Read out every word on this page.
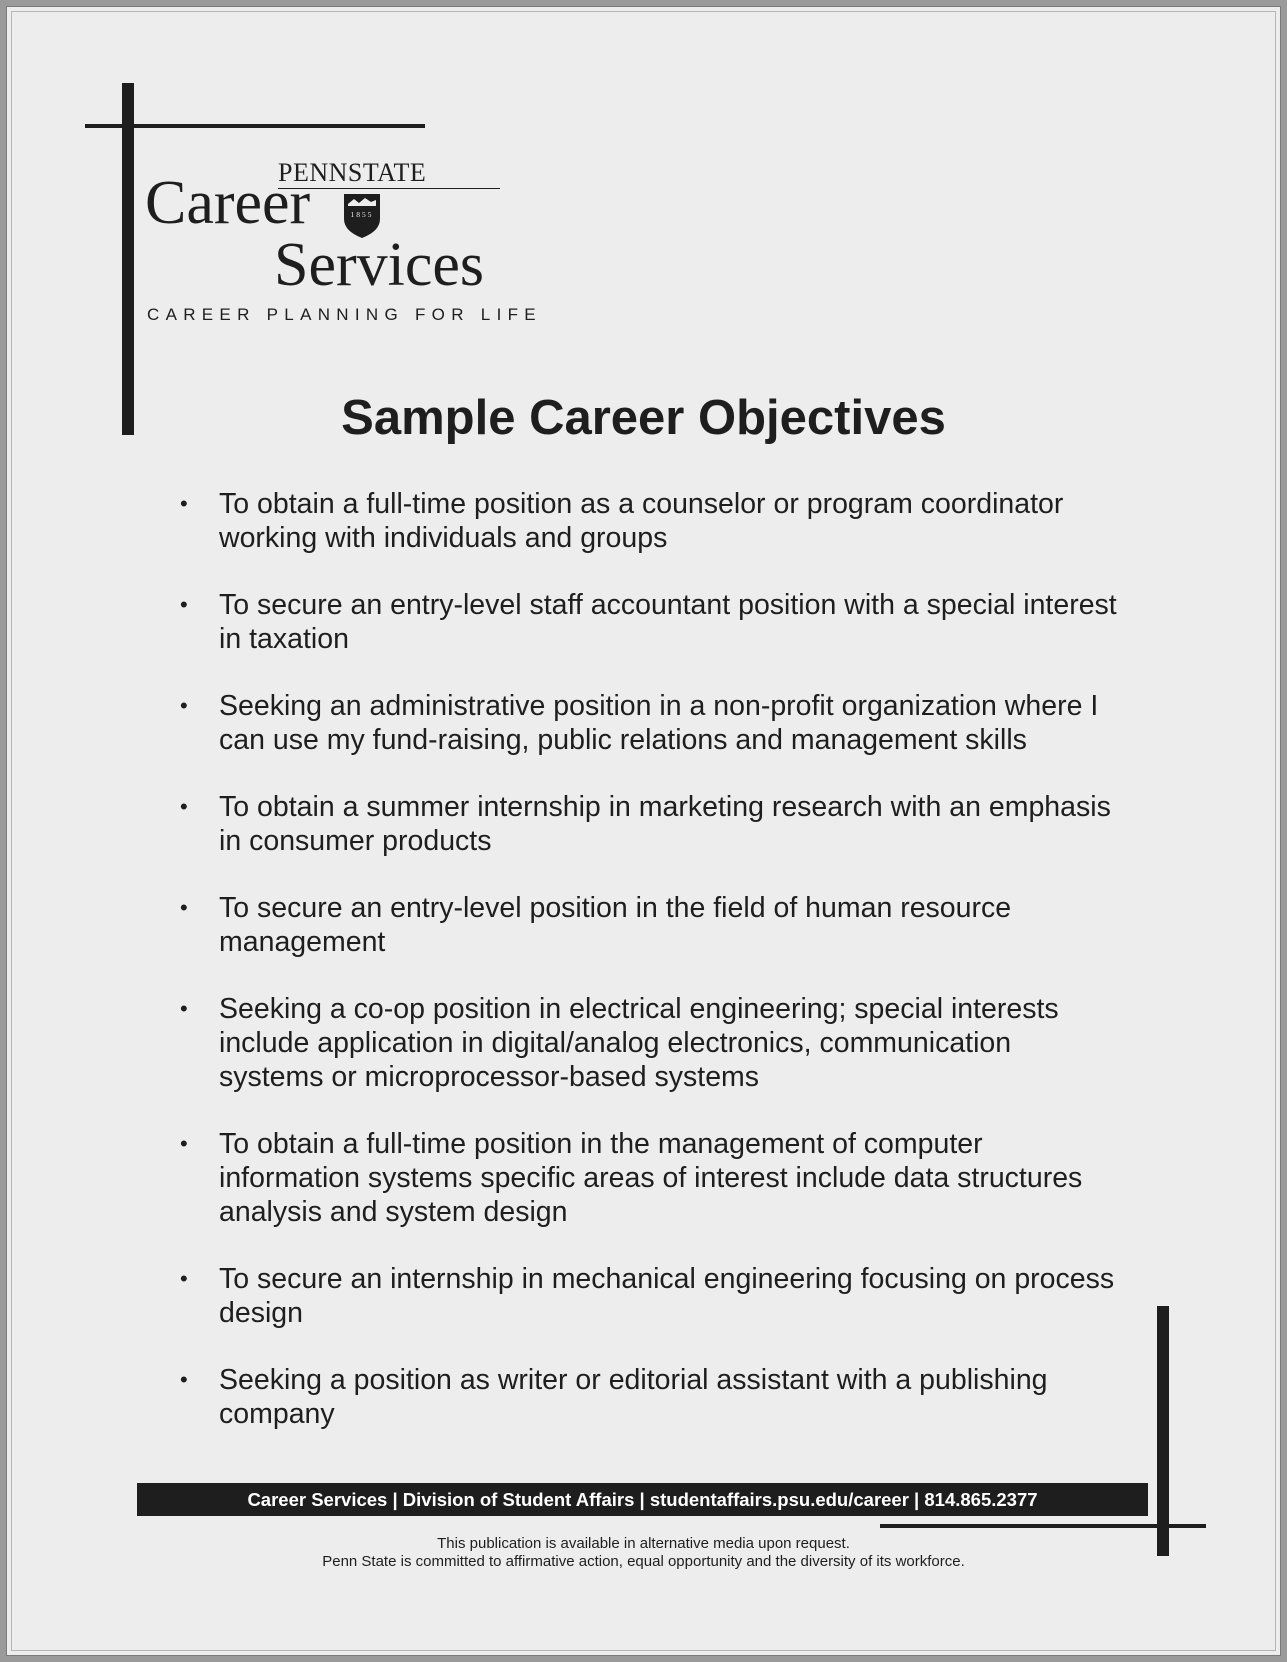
PENNSTATE
Career	1855
Services
CAREER PLANNING FOR LIFE
Sample Career Objectives
• To obtain a full-time position as a counselor or program coordinator
working with individuals and groups
• To secure an entry-level staff accountant position with a special interest
in taxation
• Seeking an administrative position in a non-profit organization where I
can use my fund-raising, public relations and management skills
• To obtain a summer internship in marketing research with an emphasis
in consumer products
• To secure an entry-level position in the field of human resource
management
• Seeking a co-op position in electrical engineering; special interests
include application in digital/analog electronics, communication
systems or microprocessor-based systems
• To obtain a full-time position in the management of computer
information systems specific areas of interest include data structures
analysis and system design
• To secure an internship in mechanical engineering focusing on process
design
• Seeking a position as writer or editorial assistant with a publishing
company
Career Services | Division of Student Affairs | studentaffairs.psu.edu/career | 814.865.2377
This publication is available in alternative media upon request.
Penn State is committed to affirmative action, equal opportunity and the diversity of its workforce.
